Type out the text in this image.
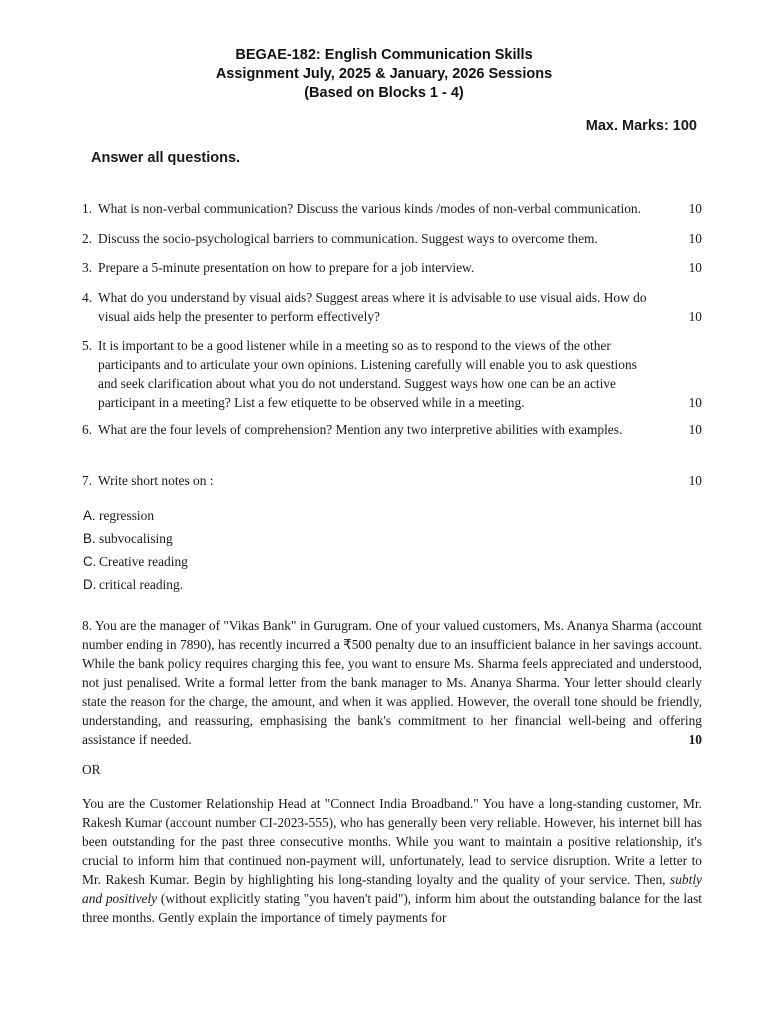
BEGAE-182: English Communication Skills
Assignment July, 2025 & January, 2026 Sessions
(Based on Blocks 1 - 4)
Max. Marks: 100
Answer all questions.
1. What is non-verbal communication? Discuss the various kinds /modes of non-verbal communication.	10
2. Discuss the socio-psychological barriers to communication. Suggest ways to overcome them.	10
3. Prepare a 5-minute presentation on how to prepare for a job interview.	10
4. What do you understand by visual aids? Suggest areas where it is advisable to use visual aids. How do visual aids help the presenter to perform effectively?	10
5. It is important to be a good listener while in a meeting so as to respond to the views of the other participants and to articulate your own opinions. Listening carefully will enable you to ask questions and seek clarification about what you do not understand. Suggest ways how one can be an active participant in a meeting? List a few etiquette to be observed while in a meeting.	10
6. What are the four levels of comprehension? Mention any two interpretive abilities with examples.	10
7. Write short notes on :	10
A. regression
B. subvocalising
C. Creative reading
D. critical reading.
8. You are the manager of "Vikas Bank" in Gurugram. One of your valued customers, Ms. Ananya Sharma (account number ending in 7890), has recently incurred a ₹500 penalty due to an insufficient balance in her savings account. While the bank policy requires charging this fee, you want to ensure Ms. Sharma feels appreciated and understood, not just penalised. Write a formal letter from the bank manager to Ms. Ananya Sharma. Your letter should clearly state the reason for the charge, the amount, and when it was applied. However, the overall tone should be friendly, understanding, and reassuring, emphasising the bank's commitment to her financial well-being and offering assistance if needed.	10
OR
You are the Customer Relationship Head at "Connect India Broadband." You have a long-standing customer, Mr. Rakesh Kumar (account number CI-2023-555), who has generally been very reliable. However, his internet bill has been outstanding for the past three consecutive months. While you want to maintain a positive relationship, it's crucial to inform him that continued non-payment will, unfortunately, lead to service disruption. Write a letter to Mr. Rakesh Kumar. Begin by highlighting his long-standing loyalty and the quality of your service. Then, subtly and positively (without explicitly stating "you haven't paid"), inform him about the outstanding balance for the last three months. Gently explain the importance of timely payments for
